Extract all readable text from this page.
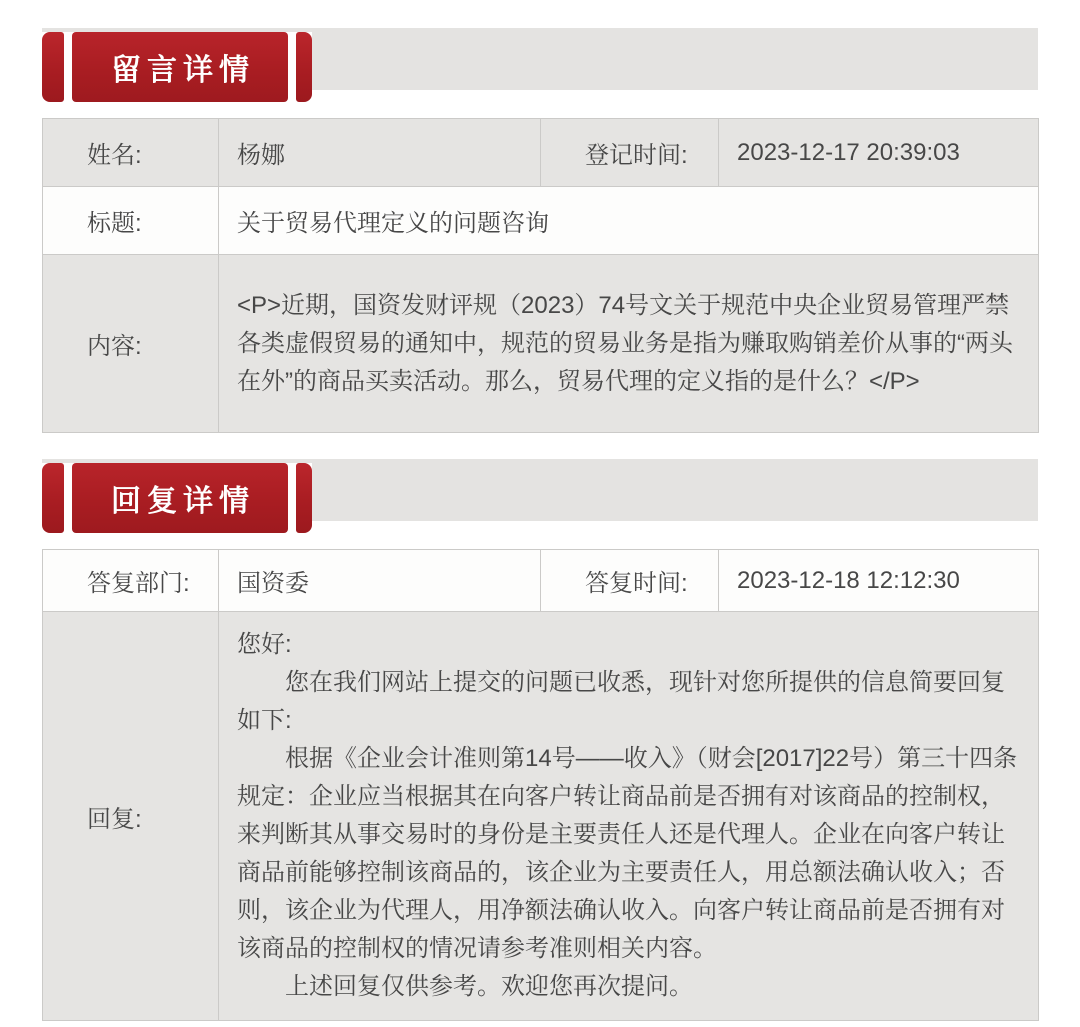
留言详情
姓名:	杨娜	登记时间:	2023-12-17 20:39:03
标题:	关于贸易代理定义的问题咨询		
内容:	<P>近期，国资发财评规（2023）74号文关于规范中央企业贸易管理严禁各类虚假贸易的通知中，规范的贸易业务是指为赚取购销差价从事的“两头在外”的商品买卖活动。那么，贸易代理的定义指的是什么？</P>		
回复详情
答复部门:	国资委	答复时间:	2023-12-18 12:12:30
回复:	您好:

您在我们网站上提交的问题已收悉，现针对您所提供的信息简要回复如下:

根据《企业会计准则第14号——收入》（财会[2017]22号）第三十四条规定：企业应当根据其在向客户转让商品前是否拥有对该商品的控制权，来判断其从事交易时的身份是主要责任人还是代理人。企业在向客户转让商品前能够控制该商品的，该企业为主要责任人，用总额法确认收入；否则，该企业为代理人，用净额法确认收入。向客户转让商品前是否拥有对该商品的控制权的情况请参考准则相关内容。

上述回复仅供参考。欢迎您再次提问。		
